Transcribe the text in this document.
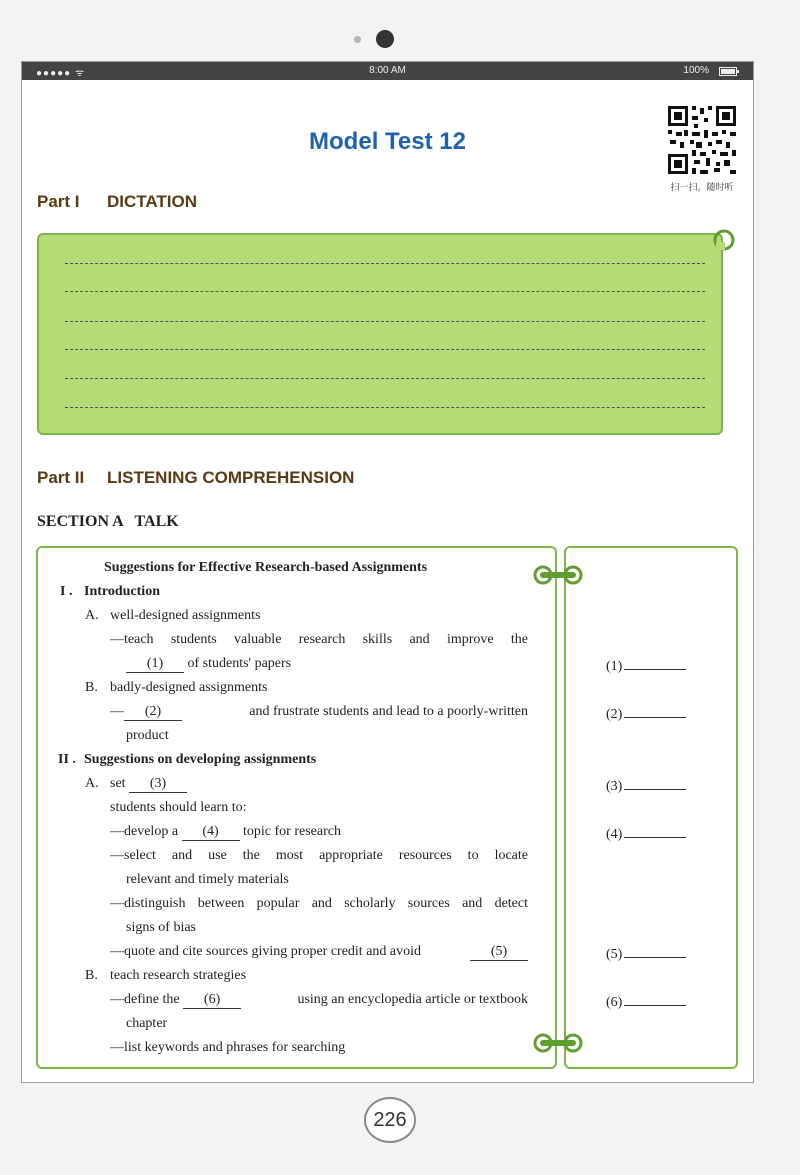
●●●●● ᯤ	8:00 AM	100%
Model Test 12
扫一扫，随时听
Part I DICTATION
Part II LISTENING COMPREHENSION
SECTION A   TALK
Suggestions for Effective Research-based Assignments
I . Introduction
A. well-designed assignments
—teach students valuable research skills and improve the
(1) of students' papers
B. badly-designed assignments
— (2)	and frustrate students and lead to a poorly-written
product
II . Suggestions on developing assignments
A. set (3)
students should learn to:
—develop a (4) topic for research
—select and use the most appropriate resources to locate
relevant and timely materials
—distinguish between popular and scholarly sources and detect
signs of bias
—quote and cite sources giving proper credit and avoid	(5)
B. teach research strategies
—define the (6)	using an encyclopedia article or textbook
chapter
—list keywords and phrases for searching
(1)
(2)
(3)
(4)
(5)
(6)
226
